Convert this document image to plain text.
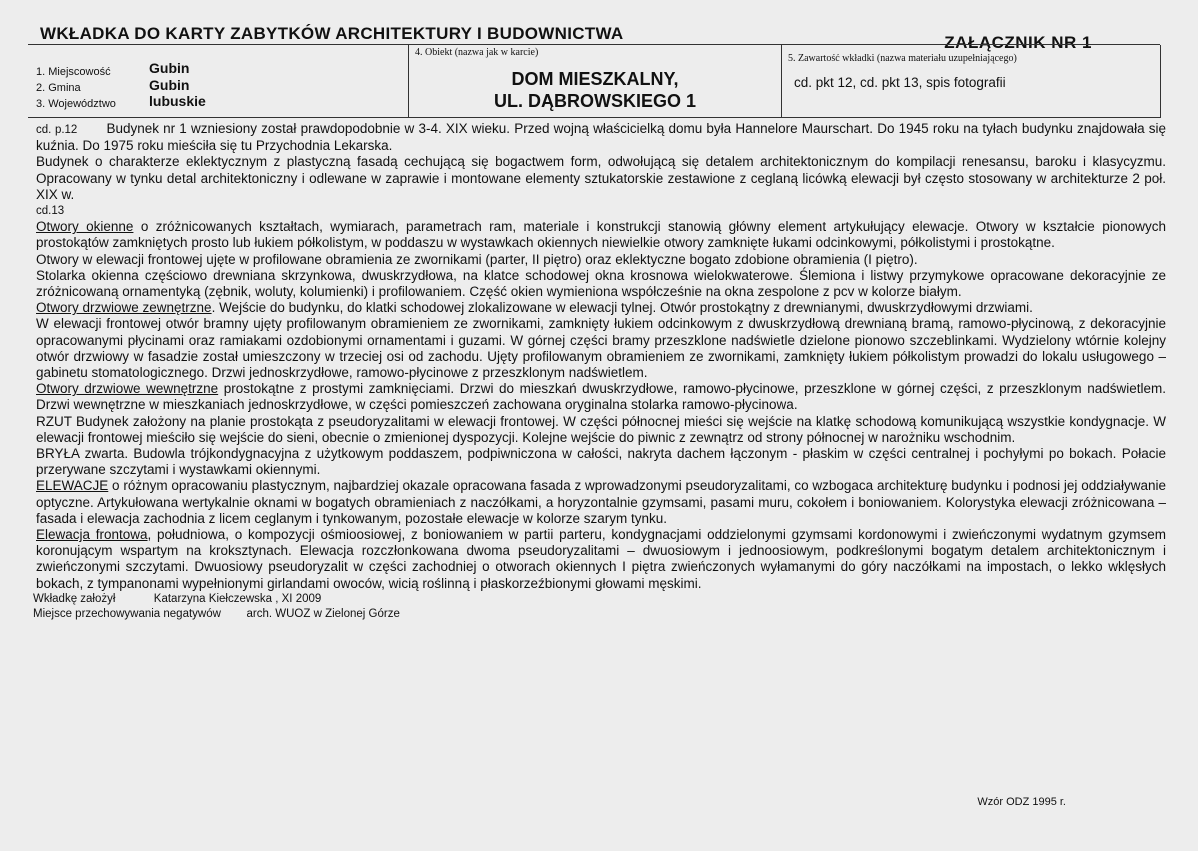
WKŁADKA DO KARTY ZABYTKÓW ARCHITEKTURY I BUDOWNICTWA	ZAŁĄCZNIK NR 1
1. Miejscowość	Gubin
2. Gmina	Gubin
3. Województwo lubuskie
4. Obiekt (nazwa jak w karcie)
DOM MIESZKALNY,
UL. DĄBROWSKIEGO 1
5. Zawartość wkładki (nazwa materiału uzupełniającego)
cd. pkt 12, cd. pkt 13, spis fotografii

cd. p.12 Budynek nr 1 wzniesiony został prawdopodobnie w 3-4. XIX wieku. Przed wojną właścicielką domu była Hannelore Maurschart. Do 1945 roku na tyłach budynku znajdowała się kuźnia. Do 1975 roku mieściła się tu Przychodnia Lekarska.

Budynek o charakterze eklektycznym z plastyczną fasadą cechującą się bogactwem form, odwołującą się detalem architektonicznym do kompilacji renesansu, baroku i klasycyzmu. Opracowany w tynku detal architektoniczny i odlewane w zaprawie i montowane elementy sztukatorskie zestawione z ceglaną licówką elewacji był często stosowany w architekturze 2 poł. XIX w.

cd.13

Otwory okienne o zróżnicowanych kształtach, wymiarach, parametrach ram, materiale i konstrukcji stanowią główny element artykułujący elewacje. Otwory w kształcie pionowych prostokątów zamkniętych prosto lub łukiem półkolistym, w poddaszu w wystawkach okiennych niewielkie otwory zamknięte łukami odcinkowymi, półkolistymi i prostokątne.

Otwory w elewacji frontowej ujęte w profilowane obramienia ze zwornikami (parter, II piętro) oraz eklektyczne bogato zdobione obramienia (I piętro).

Stolarka okienna częściowo drewniana skrzynkowa, dwuskrzydłowa, na klatce schodowej okna krosnowa wielokwaterowe. Ślemiona i listwy przymykowe opracowane dekoracyjnie ze zróżnicowaną ornamentyką (zębnik, woluty, kolumienki) i profilowaniem. Część okien wymieniona współcześnie na okna zespolone z pcv w kolorze białym.

Otwory drzwiowe zewnętrzne. Wejście do budynku, do klatki schodowej zlokalizowane w elewacji tylnej. Otwór prostokątny z drewnianymi, dwuskrzydłowymi drzwiami.

W elewacji frontowej otwór bramny ujęty profilowanym obramieniem ze zwornikami, zamknięty łukiem odcinkowym z dwuskrzydłową drewnianą bramą, ramowo-płycinową, z dekoracyjnie opracowanymi płycinami oraz ramiakami ozdobionymi ornamentami i guzami. W górnej części bramy przeszklone nadświetle dzielone pionowo szczeblinkami. Wydzielony wtórnie kolejny otwór drzwiowy w fasadzie został umieszczony w trzeciej osi od zachodu. Ujęty profilowanym obramieniem ze zwornikami, zamknięty łukiem półkolistym prowadzi do lokalu usługowego – gabinetu stomatologicznego. Drzwi jednoskrzydłowe, ramowo-płycinowe z przeszklonym nadświetlem.

Otwory drzwiowe wewnętrzne prostokątne z prostymi zamknięciami. Drzwi do mieszkań dwuskrzydłowe, ramowo-płycinowe, przeszklone w górnej części, z przeszklonym nadświetlem. Drzwi wewnętrzne w mieszkaniach jednoskrzydłowe, w części pomieszczeń zachowana oryginalna stolarka ramowo-płycinowa.

RZUT Budynek założony na planie prostokąta z pseudoryzalitami w elewacji frontowej. W części północnej mieści się wejście na klatkę schodową komunikującą wszystkie kondygnacje. W elewacji frontowej mieściło się wejście do sieni, obecnie o zmienionej dyspozycji. Kolejne wejście do piwnic z zewnątrz od strony północnej w narożniku wschodnim.

BRYŁA zwarta. Budowla trójkondygnacyjna z użytkowym poddaszem, podpiwniczona w całości, nakryta dachem łączonym - płaskim w części centralnej i pochyłymi po bokach. Połacie przerywane szczytami i wystawkami okiennymi.

ELEWACJE o różnym opracowaniu plastycznym, najbardziej okazale opracowana fasada z wprowadzonymi pseudoryzalitami, co wzbogaca architekturę budynku i podnosi jej oddziaływanie optyczne. Artykułowana wertykalnie oknami w bogatych obramieniach z naczółkami, a horyzontalnie gzymsami, pasami muru, cokołem i boniowaniem. Kolorystyka elewacji zróżnicowana – fasada i elewacja zachodnia z licem ceglanym i tynkowanym, pozostałe elewacje w kolorze szarym tynku.

Elewacja frontowa, południowa, o kompozycji ośmioosiowej, z boniowaniem w partii parteru, kondygnacjami oddzielonymi gzymsami kordonowymi i zwieńczonymi wydatnym gzymsem koronującym wspartym na kroksztynach. Elewacja rozczłonkowana dwoma pseudoryzalitami – dwuosiowym i jednoosiowym, podkreślonymi bogatym detalem architektonicznym i zwieńczonymi szczytami. Dwuosiowy pseudoryzalit w części zachodniej o otworach okiennych I piętra zwieńczonych wyłamanymi do góry naczółkami na impostach, o lekko wklęsłych bokach, z tympanonami wypełnionymi girlandami owoców, wicią roślinną i płaskorzeźbionymi głowami męskimi.

Wkładkę założył	Katarzyna Kiełczewska , XI 2009
Miejsce przechowywania negatywów arch. WUOZ w Zielonej Górze
Wzór ODZ 1995 r.
